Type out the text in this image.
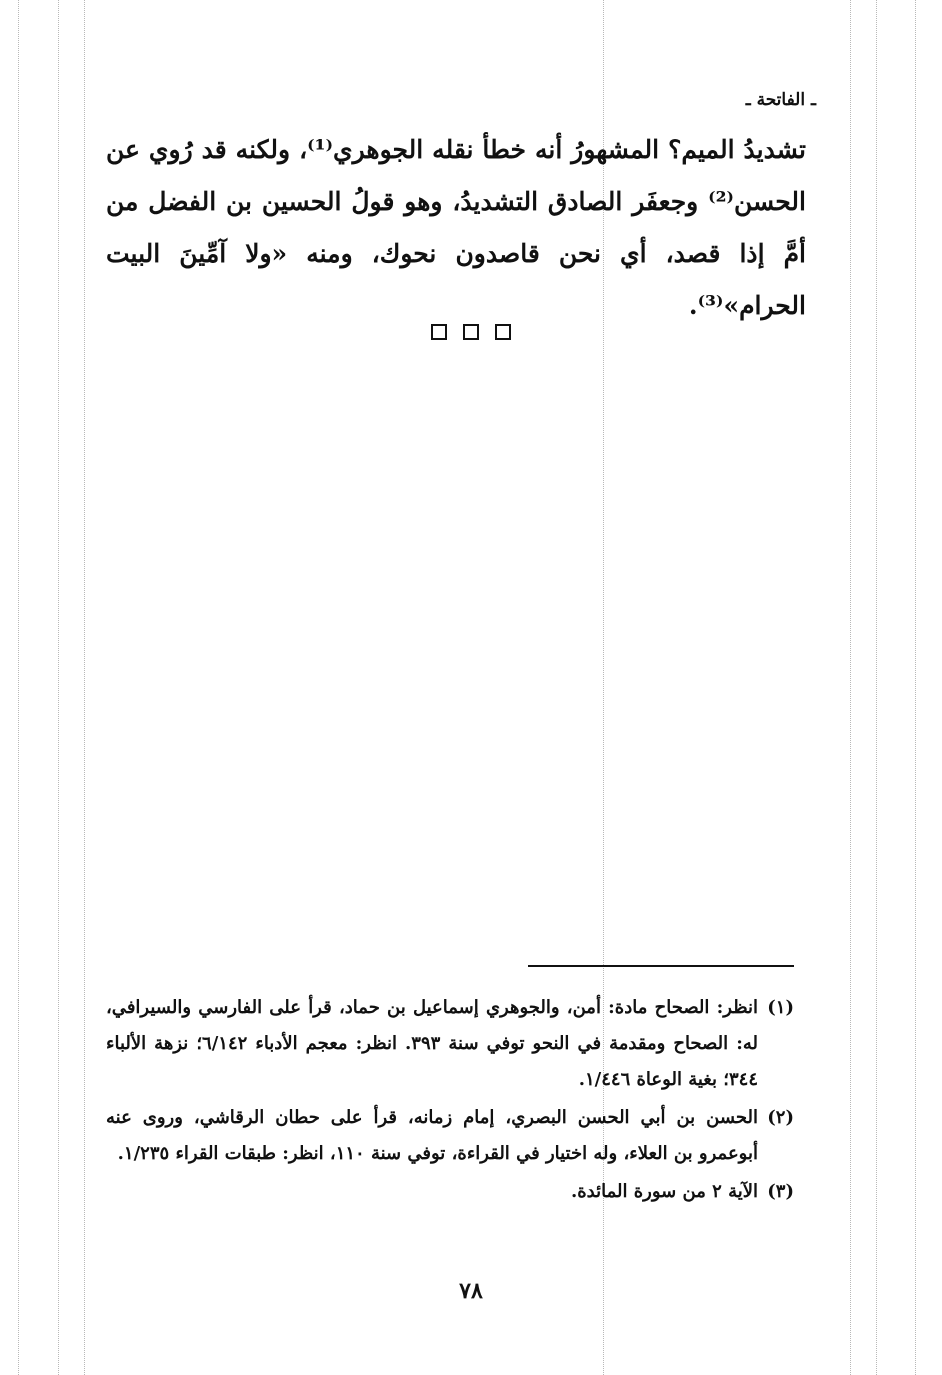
ـ الفاتحة ـ

تشديدُ الميم؟ المشهورُ أنه خطأ نقله الجوهري⁽¹⁾، ولكنه قد رُوي عن الحسن⁽²⁾ وجعفَر الصادق التشديدُ، وهو قولُ الحسين بن الفضل من أمَّ إذا قصد، أي نحن قاصدون نحوك، ومنه «ولا آمِّينَ البيت الحرام»⁽³⁾.

(١)
انظر: الصحاح مادة: أمن، والجوهري إسماعيل بن حماد، قرأ على الفارسي والسيرافي، له: الصحاح ومقدمة في النحو توفي سنة ٣٩٣. انظر: معجم الأدباء ٦/١٤٢؛ نزهة الألباء ٣٤٤؛ بغية الوعاة ١/٤٤٦.
(٢)
الحسن بن أبي الحسن البصري، إمام زمانه، قرأ على حطان الرقاشي، وروى عنه أبوعمرو بن العلاء، وله اختيار في القراءة، توفي سنة ١١٠، انظر: طبقات القراء ١/٢٣٥.
(٣)
الآية ٢ من سورة المائدة.
٧٨
